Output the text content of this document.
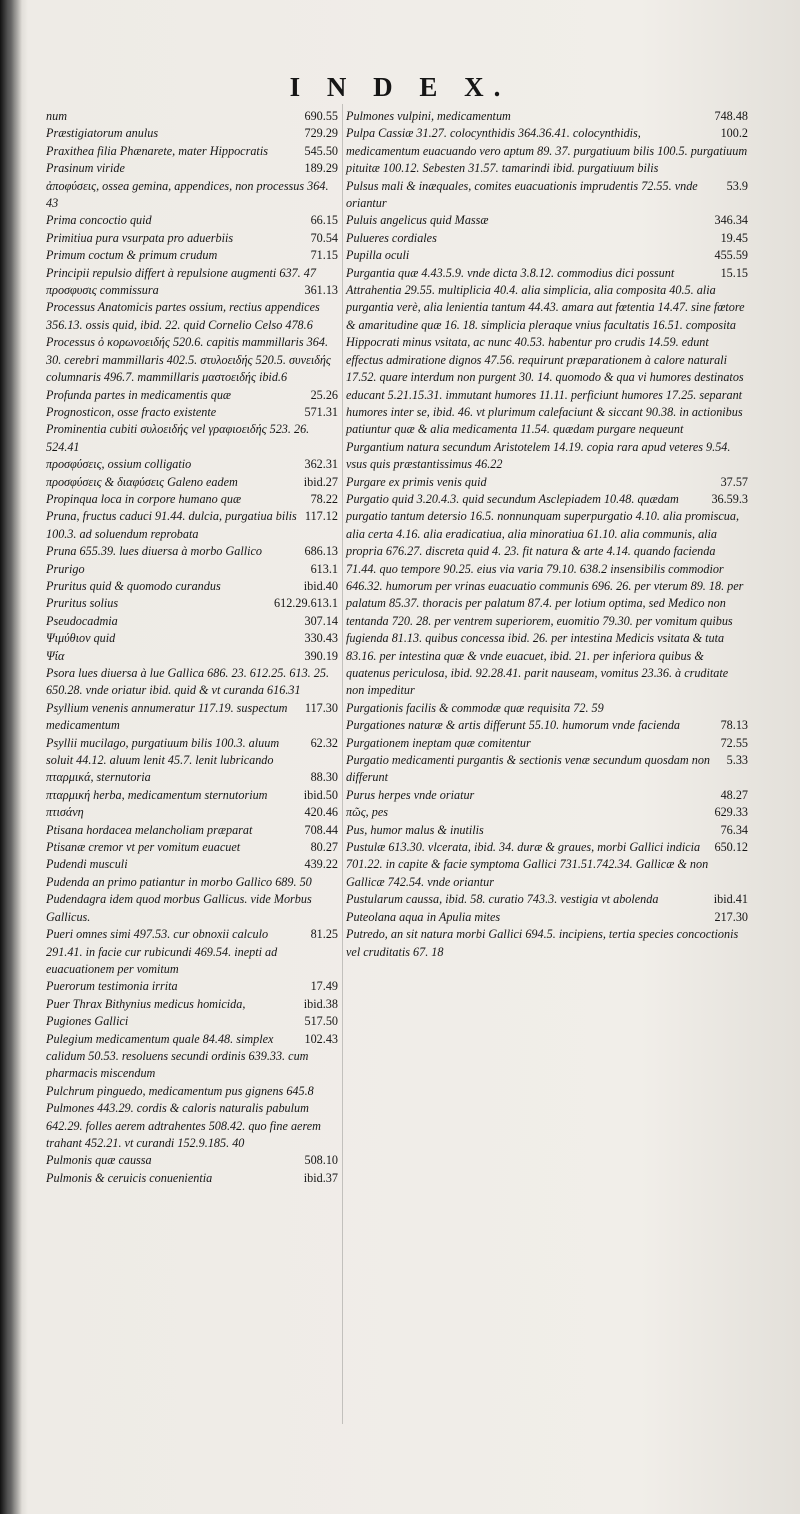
I N D E X.
690.55
num
729.29
Præstigiatorum anulus
545.50
Praxithea filia Phænarete, mater Hippocratis
189.29
Prasinum viride
ἀποφύσεις, ossea gemina, appendices, non processus 364. 43
66.15
Prima concoctio quid
70.54
Primitiua pura vsurpata pro aduerbiis
71.15
Primum coctum & primum crudum
Principii repulsio differt à repulsione augmenti 637. 47
361.13
προσφυσις commissura
Processus Anatomicis partes ossium, rectius appendices 356.13. ossis quid, ibid. 22. quid Cornelio Celso 478.6
Processus ὀ κορωνοειδής 520.6. capitis mammillaris 364. 30. cerebri mammillaris 402.5. στυλοειδής 520.5. συνειδής columnaris 496.7. mammillaris μαστοειδής ibid.6
25.26
Profunda partes in medicamentis quæ
571.31
Prognosticon, osse fracto existente
Prominentia cubiti συλοειδής vel γραφιοειδής 523. 26. 524.41
362.31
προσφύσεις, ossium colligatio
ibid.27
προσφύσεις & διαφύσεις Galeno eadem
78.22
Propinqua loca in corpore humano quæ
117.12
Pruna, fructus caduci 91.44. dulcia, purgatiua bilis 100.3. ad soluendum reprobata
686.13
Pruna 655.39. lues diuersa à morbo Gallico
613.1
Prurigo
ibid.40
Pruritus quid & quomodo curandus
612.29.613.1
Pruritus solius
307.14
Pseudocadmia
330.43
Ψιμύθιον quid
390.19
Ψία
Psora lues diuersa à lue Gallica 686. 23. 612.25. 613. 25. 650.28. vnde oriatur ibid. quid & vt curanda 616.31
117.30
Psyllium venenis annumeratur 117.19. suspectum medicamentum
62.32
Psyllii mucilago, purgatiuum bilis 100.3. aluum soluit 44.12. aluum lenit 45.7. lenit lubricando
88.30
πταρμικά, sternutoria
ibid.50
πταρμική herba, medicamentum sternutorium
420.46
πτισάνη
708.44
Ptisana hordacea melancholiam præparat
80.27
Ptisanæ cremor vt per vomitum euacuet
439.22
Pudendi musculi
Pudenda an primo patiantur in morbo Gallico 689. 50
Pudendagra idem quod morbus Gallicus. vide Morbus Gallicus.
81.25
Pueri omnes simi 497.53. cur obnoxii calculo 291.41. in facie cur rubicundi 469.54. inepti ad euacuationem per vomitum
17.49
Puerorum testimonia irrita
ibid.38
Puer Thrax Bithynius medicus homicida,
517.50
Pugiones Gallici
102.43
Pulegium medicamentum quale 84.48. simplex calidum 50.53. resoluens secundi ordinis 639.33. cum pharmacis miscendum
Pulchrum pinguedo, medicamentum pus gignens 645.8
Pulmones 443.29. cordis & caloris naturalis pabulum 642.29. folles aerem adtrahentes 508.42. quo fine aerem trahant 452.21. vt curandi 152.9.185. 40
508.10
Pulmonis quæ caussa
ibid.37
Pulmonis & ceruicis conuenientia
748.48
Pulmones vulpini, medicamentum
100.2
Pulpa Cassiæ 31.27. colocynthidis 364.36.41. colocynthidis, medicamentum euacuando vero aptum 89. 37. purgatiuum bilis 100.5. purgatiuum pituitæ 100.12. Sebesten 31.57. tamarindi ibid. purgatiuum bilis
53.9
Pulsus mali & inæquales, comites euacuationis imprudentis 72.55. vnde oriantur
346.34
Puluis angelicus quid Massæ
19.45
Pulueres cordiales
455.59
Pupilla oculi
15.15
Purgantia quæ 4.43.5.9. vnde dicta 3.8.12. commodius dici possunt Attrahentia 29.55. multiplicia 40.4. alia simplicia, alia composita 40.5. alia purgantia verè, alia lenientia tantum 44.43. amara aut fœtentia 14.47. sine fœtore & amaritudine quæ 16. 18. simplicia pleraque vnius facultatis 16.51. composita Hippocrati minus vsitata, ac nunc 40.53. habentur pro crudis 14.59. edunt effectus admiratione dignos 47.56. requirunt præparationem à calore naturali 17.52. quare interdum non purgent 30. 14. quomodo & qua vi humores destinatos educant 5.21.15.31. immutant humores 11.11. perficiunt humores 17.25. separant humores inter se, ibid. 46. vt plurimum calefaciunt & siccant 90.38. in actionibus patiuntur quæ & alia medicamenta 11.54. quædam purgare nequeunt
Purgantium natura secundum Aristotelem 14.19. copia rara apud veteres 9.54. vsus quis præstantissimus 46.22
37.57
Purgare ex primis venis quid
36.59.3
Purgatio quid 3.20.4.3. quid secundum Asclepiadem 10.48. quædam purgatio tantum detersio 16.5. nonnunquam superpurgatio 4.10. alia promiscua, alia certa 4.16. alia eradicatiua, alia minoratiua 61.10. alia communis, alia propria 676.27. discreta quid 4. 23. fit natura & arte 4.14. quando facienda 71.44. quo tempore 90.25. eius via varia 79.10. 638.2 insensibilis commodior 646.32. humorum per vrinas euacuatio communis 696. 26. per vterum 89. 18. per palatum 85.37. thoracis per palatum 87.4. per lotium optima, sed Medico non tentanda 720. 28. per ventrem superiorem, euomitio 79.30. per vomitum quibus fugienda 81.13. quibus concessa ibid. 26. per intestina Medicis vsitata & tuta 83.16. per intestina quæ & vnde euacuet, ibid. 21. per inferiora quibus & quatenus periculosa, ibid. 92.28.41. parit nauseam, vomitus 23.36. à cruditate non impeditur
Purgationis facilis & commodæ quæ requisita 72. 59
78.13
Purgationes naturæ & artis differunt 55.10. humorum vnde facienda
72.55
Purgationem ineptam quæ comitentur
5.33
Purgatio medicamenti purgantis & sectionis venæ secundum quosdam non differunt
48.27
Purus herpes vnde oriatur
629.33
πῶς, pes
76.34
Pus, humor malus & inutilis
650.12
Pustulæ 613.30. vlcerata, ibid. 34. duræ & graues, morbi Gallici indicia 701.22. in capite & facie symptoma Gallici 731.51.742.34. Gallicæ & non Gallicæ 742.54. vnde oriantur
ibid.41
Pustularum caussa, ibid. 58. curatio 743.3. vestigia vt abolenda
217.30
Puteolana aqua in Apulia mites
Putredo, an sit natura morbi Gallici 694.5. incipiens, tertia species concoctionis vel cruditatis 67. 18
